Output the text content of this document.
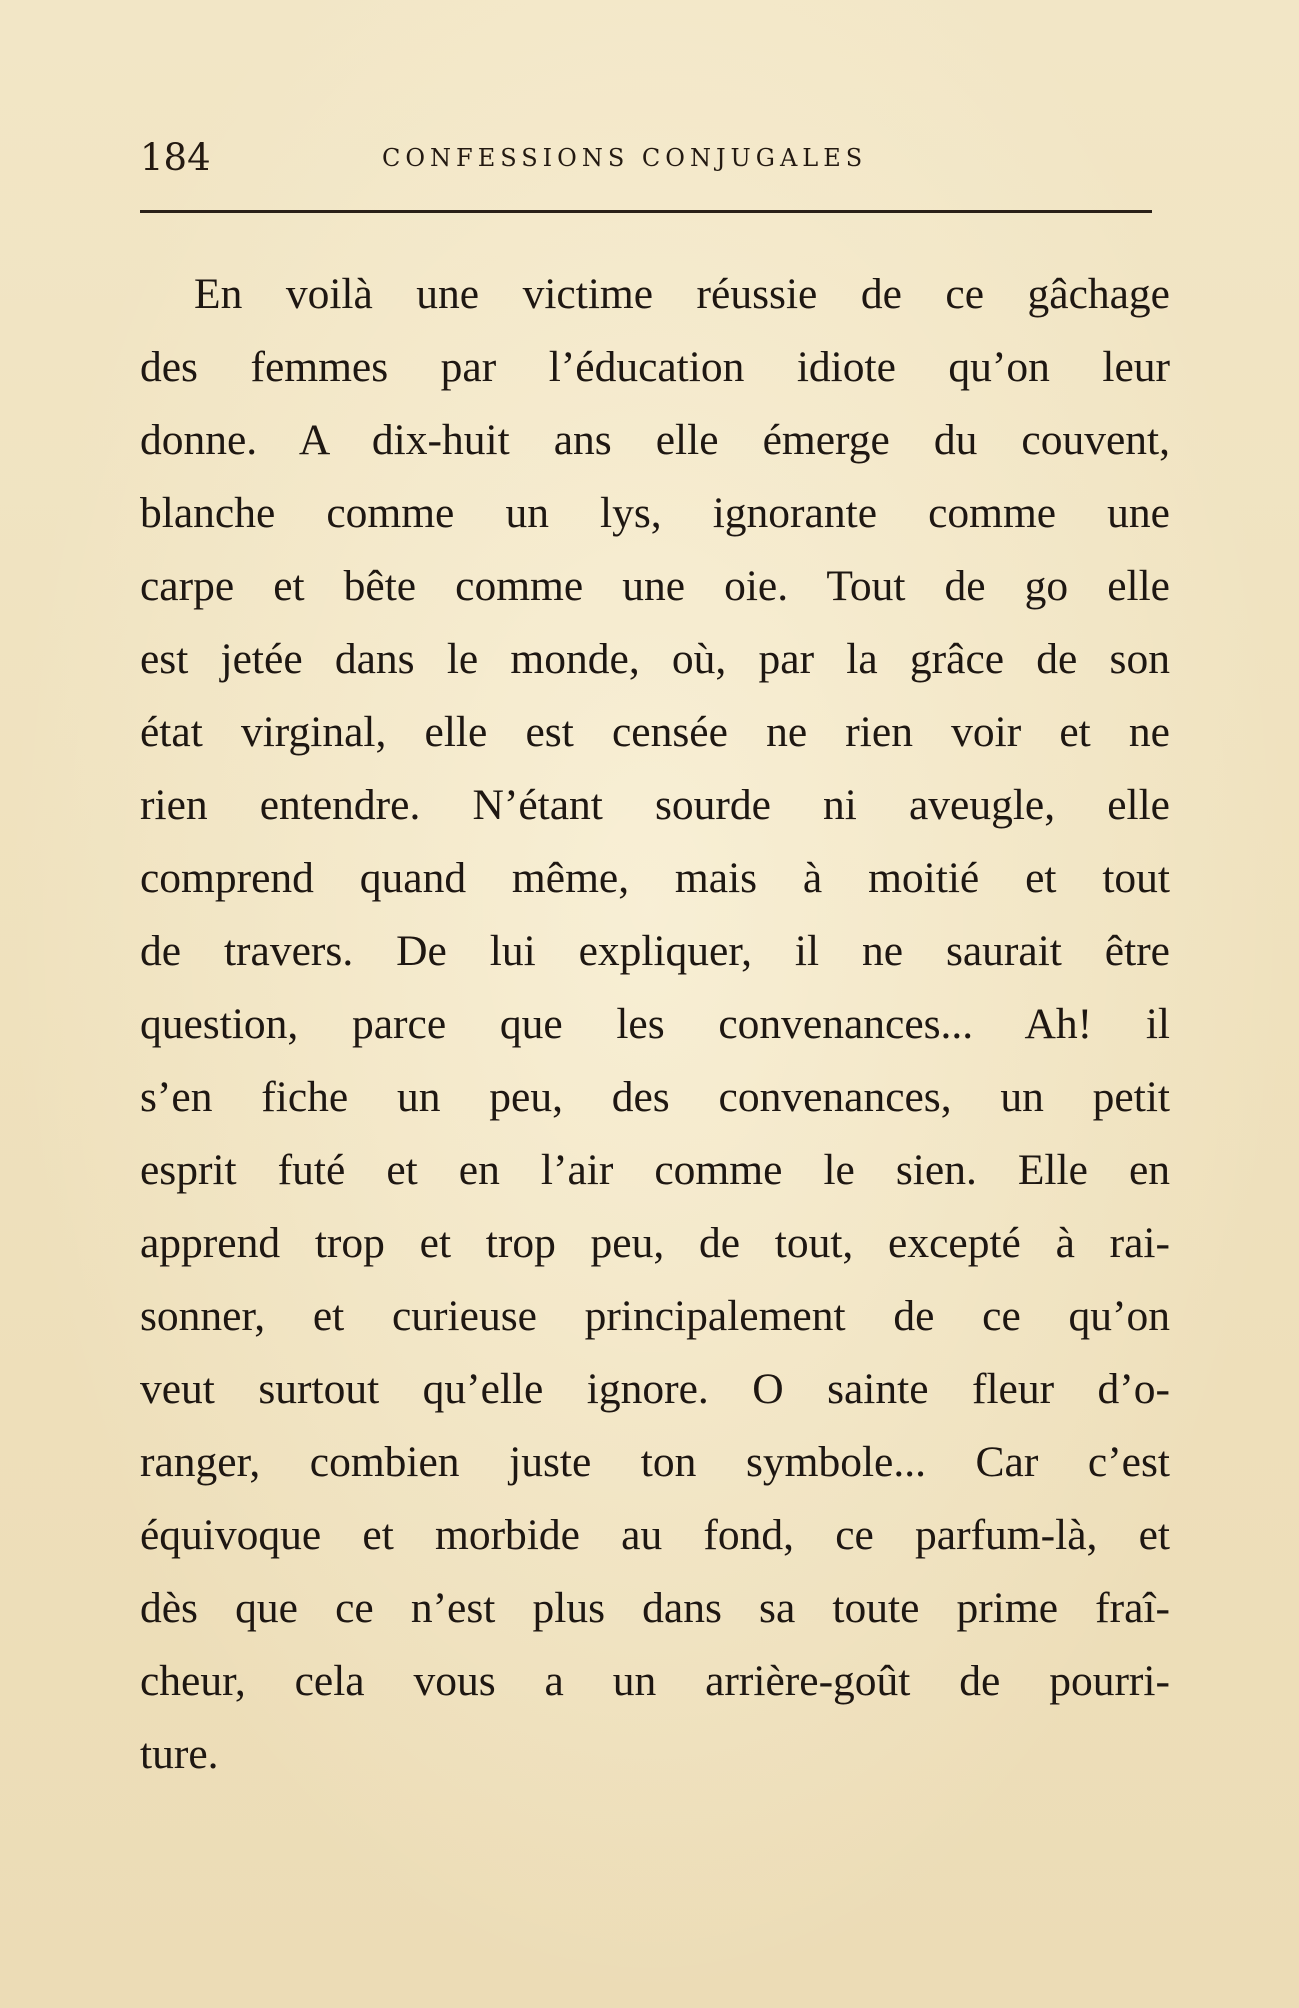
184	CONFESSIONS CONJUGALES
En voilà une victime réussie de ce gâchage
des femmes par l’éducation idiote qu’on leur
donne. A dix-huit ans elle émerge du couvent,
blanche comme un lys, ignorante comme une
carpe et bête comme une oie. Tout de go elle
est jetée dans le monde, où, par la grâce de son
état virginal, elle est censée ne rien voir et ne
rien entendre. N’étant sourde ni aveugle, elle
comprend quand même, mais à moitié et tout
de travers. De lui expliquer, il ne saurait être
question, parce que les convenances... Ah! il
s’en fiche un peu, des convenances, un petit
esprit futé et en l’air comme le sien. Elle en
apprend trop et trop peu, de tout, excepté à rai-
sonner, et curieuse principalement de ce qu’on
veut surtout qu’elle ignore. O sainte fleur d’o-
ranger, combien juste ton symbole... Car c’est
équivoque et morbide au fond, ce parfum-là, et
dès que ce n’est plus dans sa toute prime fraî-
cheur, cela vous a un arrière-goût de pourri-
ture.
